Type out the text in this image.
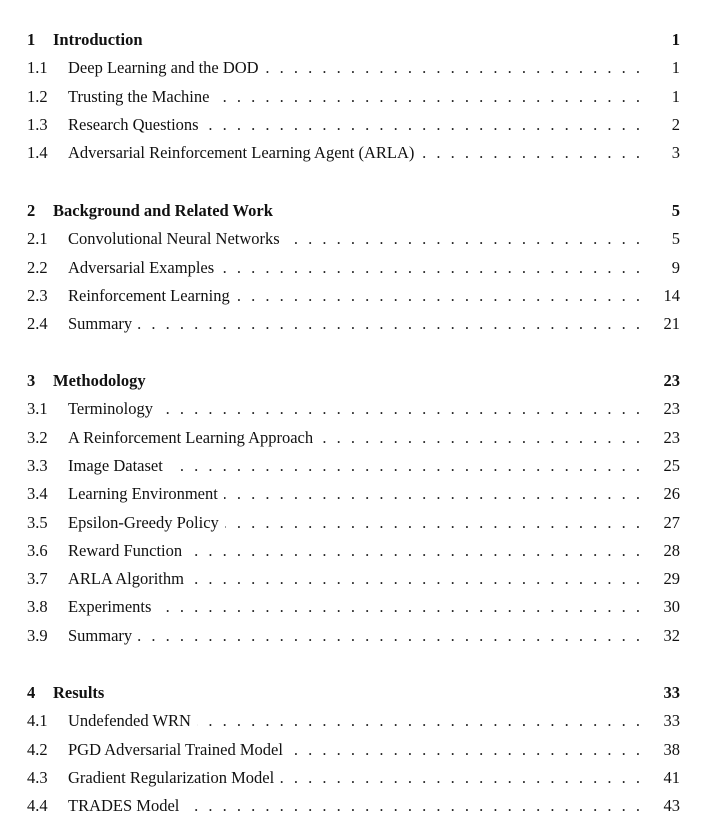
1	Introduction	1
1.1	Deep Learning and the DOD . . .	1
1.2	Trusting the Machine . . .	1
1.3	Research Questions . . .	2
1.4	Adversarial Reinforcement Learning Agent (ARLA) . . .	3
2	Background and Related Work	5
2.1	Convolutional Neural Networks . . .	5
2.2	Adversarial Examples . . .	9
2.3	Reinforcement Learning . . .	14
2.4	Summary . . .	21
3	Methodology	23
3.1	Terminology . . .	23
3.2	A Reinforcement Learning Approach . . .	23
3.3	Image Dataset . . .	25
3.4	Learning Environment . . .	26
3.5	Epsilon-Greedy Policy . . .	27
3.6	Reward Function . . .	28
3.7	ARLA Algorithm . . .	29
3.8	Experiments . . .	30
3.9	Summary . . .	32
4	Results	33
4.1	Undefended WRN . . .	33
4.2	PGD Adversarial Trained Model . . .	38
4.3	Gradient Regularization Model . . .	41
4.4	TRADES Model . . .	43
